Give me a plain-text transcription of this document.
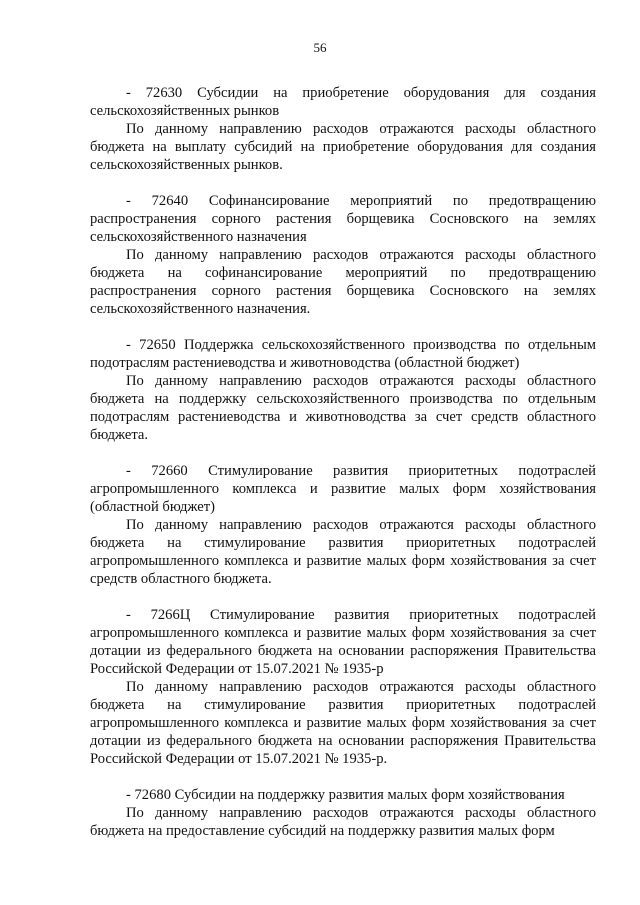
56

- 72630 Субсидии на приобретение оборудования для создания сельскохозяйственных рынков

По данному направлению расходов отражаются расходы областного бюджета на выплату субсидий на приобретение оборудования для создания сельскохозяйственных рынков.

- 72640 Софинансирование мероприятий по предотвращению распространения сорного растения борщевика Сосновского на землях сельскохозяйственного назначения

По данному направлению расходов отражаются расходы областного бюджета на софинансирование мероприятий по предотвращению распространения сорного растения борщевика Сосновского на землях сельскохозяйственного назначения.

- 72650 Поддержка сельскохозяйственного производства по отдельным подотраслям растениеводства и животноводства (областной бюджет)

По данному направлению расходов отражаются расходы областного бюджета на поддержку сельскохозяйственного производства по отдельным подотраслям растениеводства и животноводства за счет средств областного бюджета.

- 72660 Стимулирование развития приоритетных подотраслей агропромышленного комплекса и развитие малых форм хозяйствования (областной бюджет)

По данному направлению расходов отражаются расходы областного бюджета на стимулирование развития приоритетных подотраслей агропромышленного комплекса и развитие малых форм хозяйствования за счет средств областного бюджета.

- 7266Ц Стимулирование развития приоритетных подотраслей агропромышленного комплекса и развитие малых форм хозяйствования за счет дотации из федерального бюджета на основании распоряжения Правительства Российской Федерации от 15.07.2021 № 1935-р

По данному направлению расходов отражаются расходы областного бюджета на стимулирование развития приоритетных подотраслей агропромышленного комплекса и развитие малых форм хозяйствования за счет дотации из федерального бюджета на основании распоряжения Правительства Российской Федерации от 15.07.2021 № 1935-р.

- 72680 Субсидии на поддержку развития малых форм хозяйствования

По данному направлению расходов отражаются расходы областного бюджета на предоставление субсидий на поддержку развития малых форм
